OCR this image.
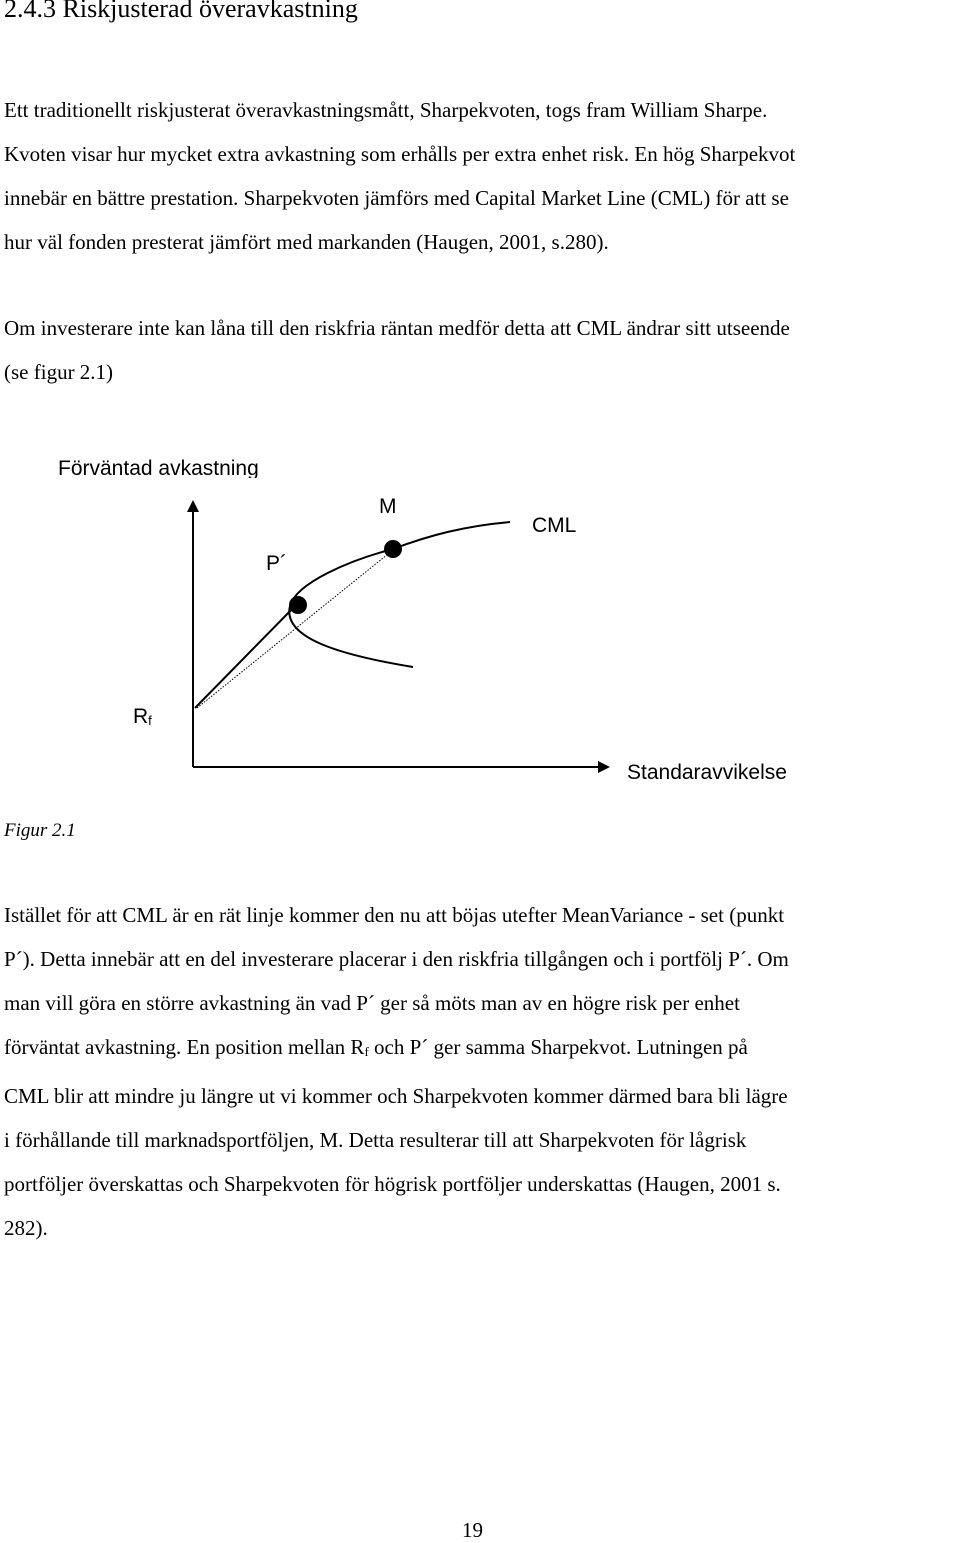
2.4.3 Riskjusterad överavkastning
Ett traditionellt riskjusterat överavkastningsmått, Sharpekvoten, togs fram William Sharpe.
Kvoten visar hur mycket extra avkastning som erhålls per extra enhet risk. En hög Sharpekvot
innebär en bättre prestation. Sharpekvoten jämförs med Capital Market Line (CML) för att se
hur väl fonden presterat jämfört med markanden (Haugen, 2001, s.280).
Om investerare inte kan låna till den riskfria räntan medför detta att CML ändrar sitt utseende
(se figur 2.1)
Förväntad avkastning
M
CML
P´
$R_f$
Standaravvikelse
Figur 2.1
Istället för att CML är en rät linje kommer den nu att böjas utefter MeanVariance - set (punkt
P´). Detta innebär att en del investerare placerar i den riskfria tillgången och i portfölj P´. Om
man vill göra en större avkastning än vad P´ ger så möts man av en högre risk per enhet
förväntat avkastning. En position mellan $R_f$ och P´ ger samma Sharpekvot. Lutningen på
CML blir att mindre ju längre ut vi kommer och Sharpekvoten kommer därmed bara bli lägre
i förhållande till marknadsportföljen, M. Detta resulterar till att Sharpekvoten för lågrisk
portföljer överskattas och Sharpekvoten för högrisk portföljer underskattas (Haugen, 2001 s.
282).
19
